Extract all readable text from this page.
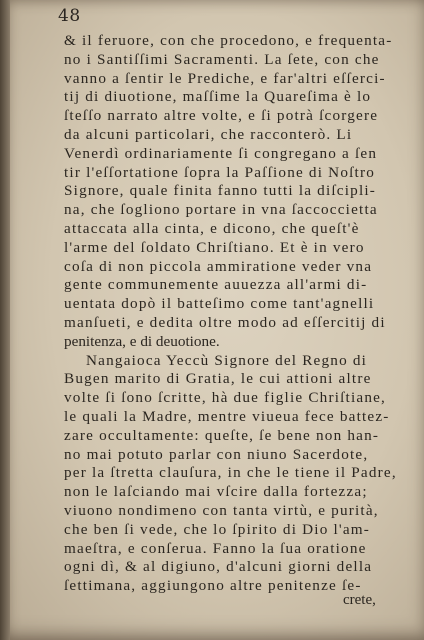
48
& il feruore, con che procedono, e frequenta-
no i Santiſſimi Sacramenti. La ſete, con che
vanno a ſentir le Prediche, e far'altri eſſerci-
tij di diuotione, maſſime la Quareſima è lo
ſteſſo narrato altre volte, e ſi potrà ſcorgere
da alcuni particolari, che racconterò. Li
Venerdì ordinariamente ſi congregano a ſen
tir l'eſſortatione ſopra la Paſſione di Noſtro
Signore, quale finita fanno tutti la diſcipli-
na, che ſogliono portare in vna ſaccoccietta
attaccata alla cinta, e dicono, che queſt'è
l'arme del ſoldato Chriſtiano. Et è in vero
coſa di non piccola ammiratione veder vna
gente communemente auuezza all'armi di-
uentata dopò il batteſimo come tant'agnelli
manſueti, e dedita oltre modo ad eſſercitij di
penitenza, e di deuotione.
Nangaioca Yeccù Signore del Regno di
Bugen marito di Gratia, le cui attioni altre
volte ſi ſono ſcritte, hà due figlie Chriſtiane,
le quali la Madre, mentre viueua fece battez-
zare occultamente: queſte, ſe bene non han-
no mai potuto parlar con niuno Sacerdote,
per la ſtretta clauſura, in che le tiene il Padre,
non le laſciando mai vſcire dalla fortezza;
viuono nondimeno con tanta virtù, e purità,
che ben ſi vede, che lo ſpirito di Dio l'am-
maeſtra, e conſerua. Fanno la ſua oratione
ogni dì, & al digiuno, d'alcuni giorni della
ſettimana, aggiungono altre penitenze ſe-
crete,
